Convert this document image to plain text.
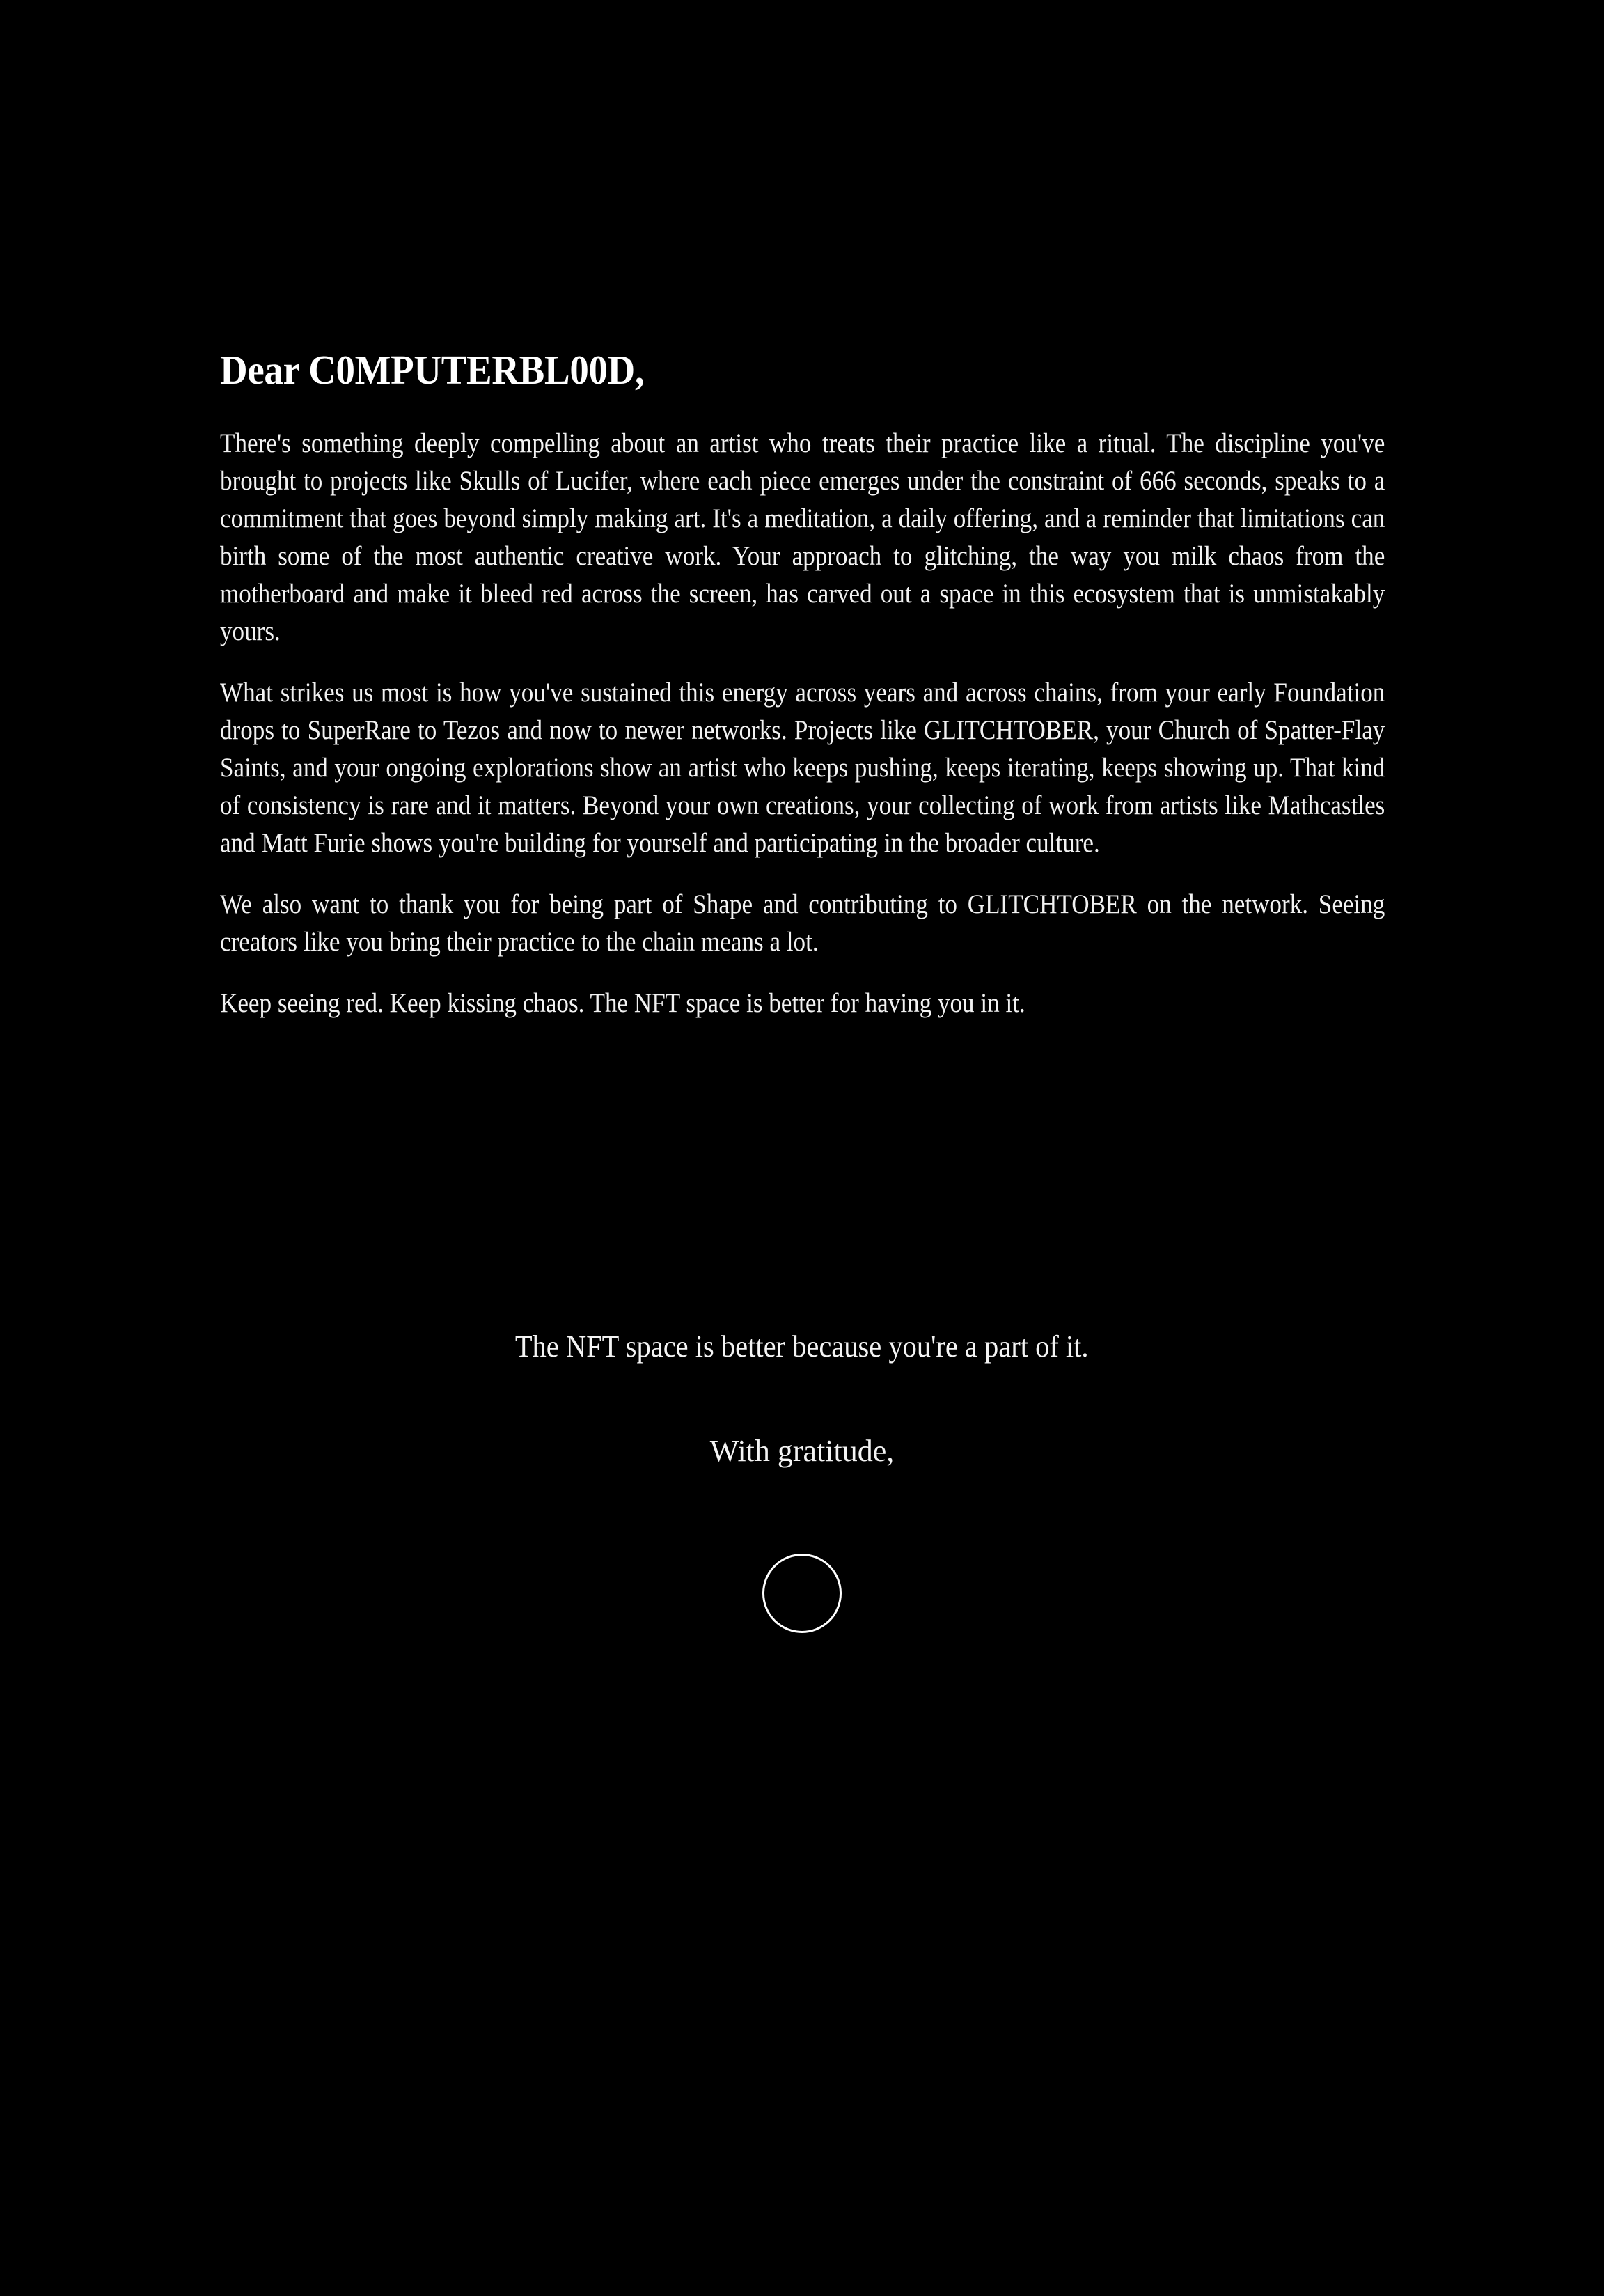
Dear C0MPUTERBL00D,

There's something deeply compelling about an artist who treats their practice like a ritual. The discipline you've brought to projects like Skulls of Lucifer, where each piece emerges under the constraint of 666 seconds, speaks to a commitment that goes beyond simply making art. It's a meditation, a daily offering, and a reminder that limitations can birth some of the most authentic creative work. Your approach to glitching, the way you milk chaos from the motherboard and make it bleed red across the screen, has carved out a space in this ecosystem that is unmistakably yours.

What strikes us most is how you've sustained this energy across years and across chains, from your early Foundation drops to SuperRare to Tezos and now to newer networks. Projects like GLITCHTOBER, your Church of Spatter-Flay Saints, and your ongoing explorations show an artist who keeps pushing, keeps iterating, keeps showing up. That kind of consistency is rare and it matters. Beyond your own creations, your collecting of work from artists like Mathcastles and Matt Furie shows you're building for yourself and participating in the broader culture.

We also want to thank you for being part of Shape and contributing to GLITCHTOBER on the network. Seeing creators like you bring their practice to the chain means a lot.

Keep seeing red. Keep kissing chaos. The NFT space is better for having you in it.

The NFT space is better because you're a part of it.

With gratitude,
